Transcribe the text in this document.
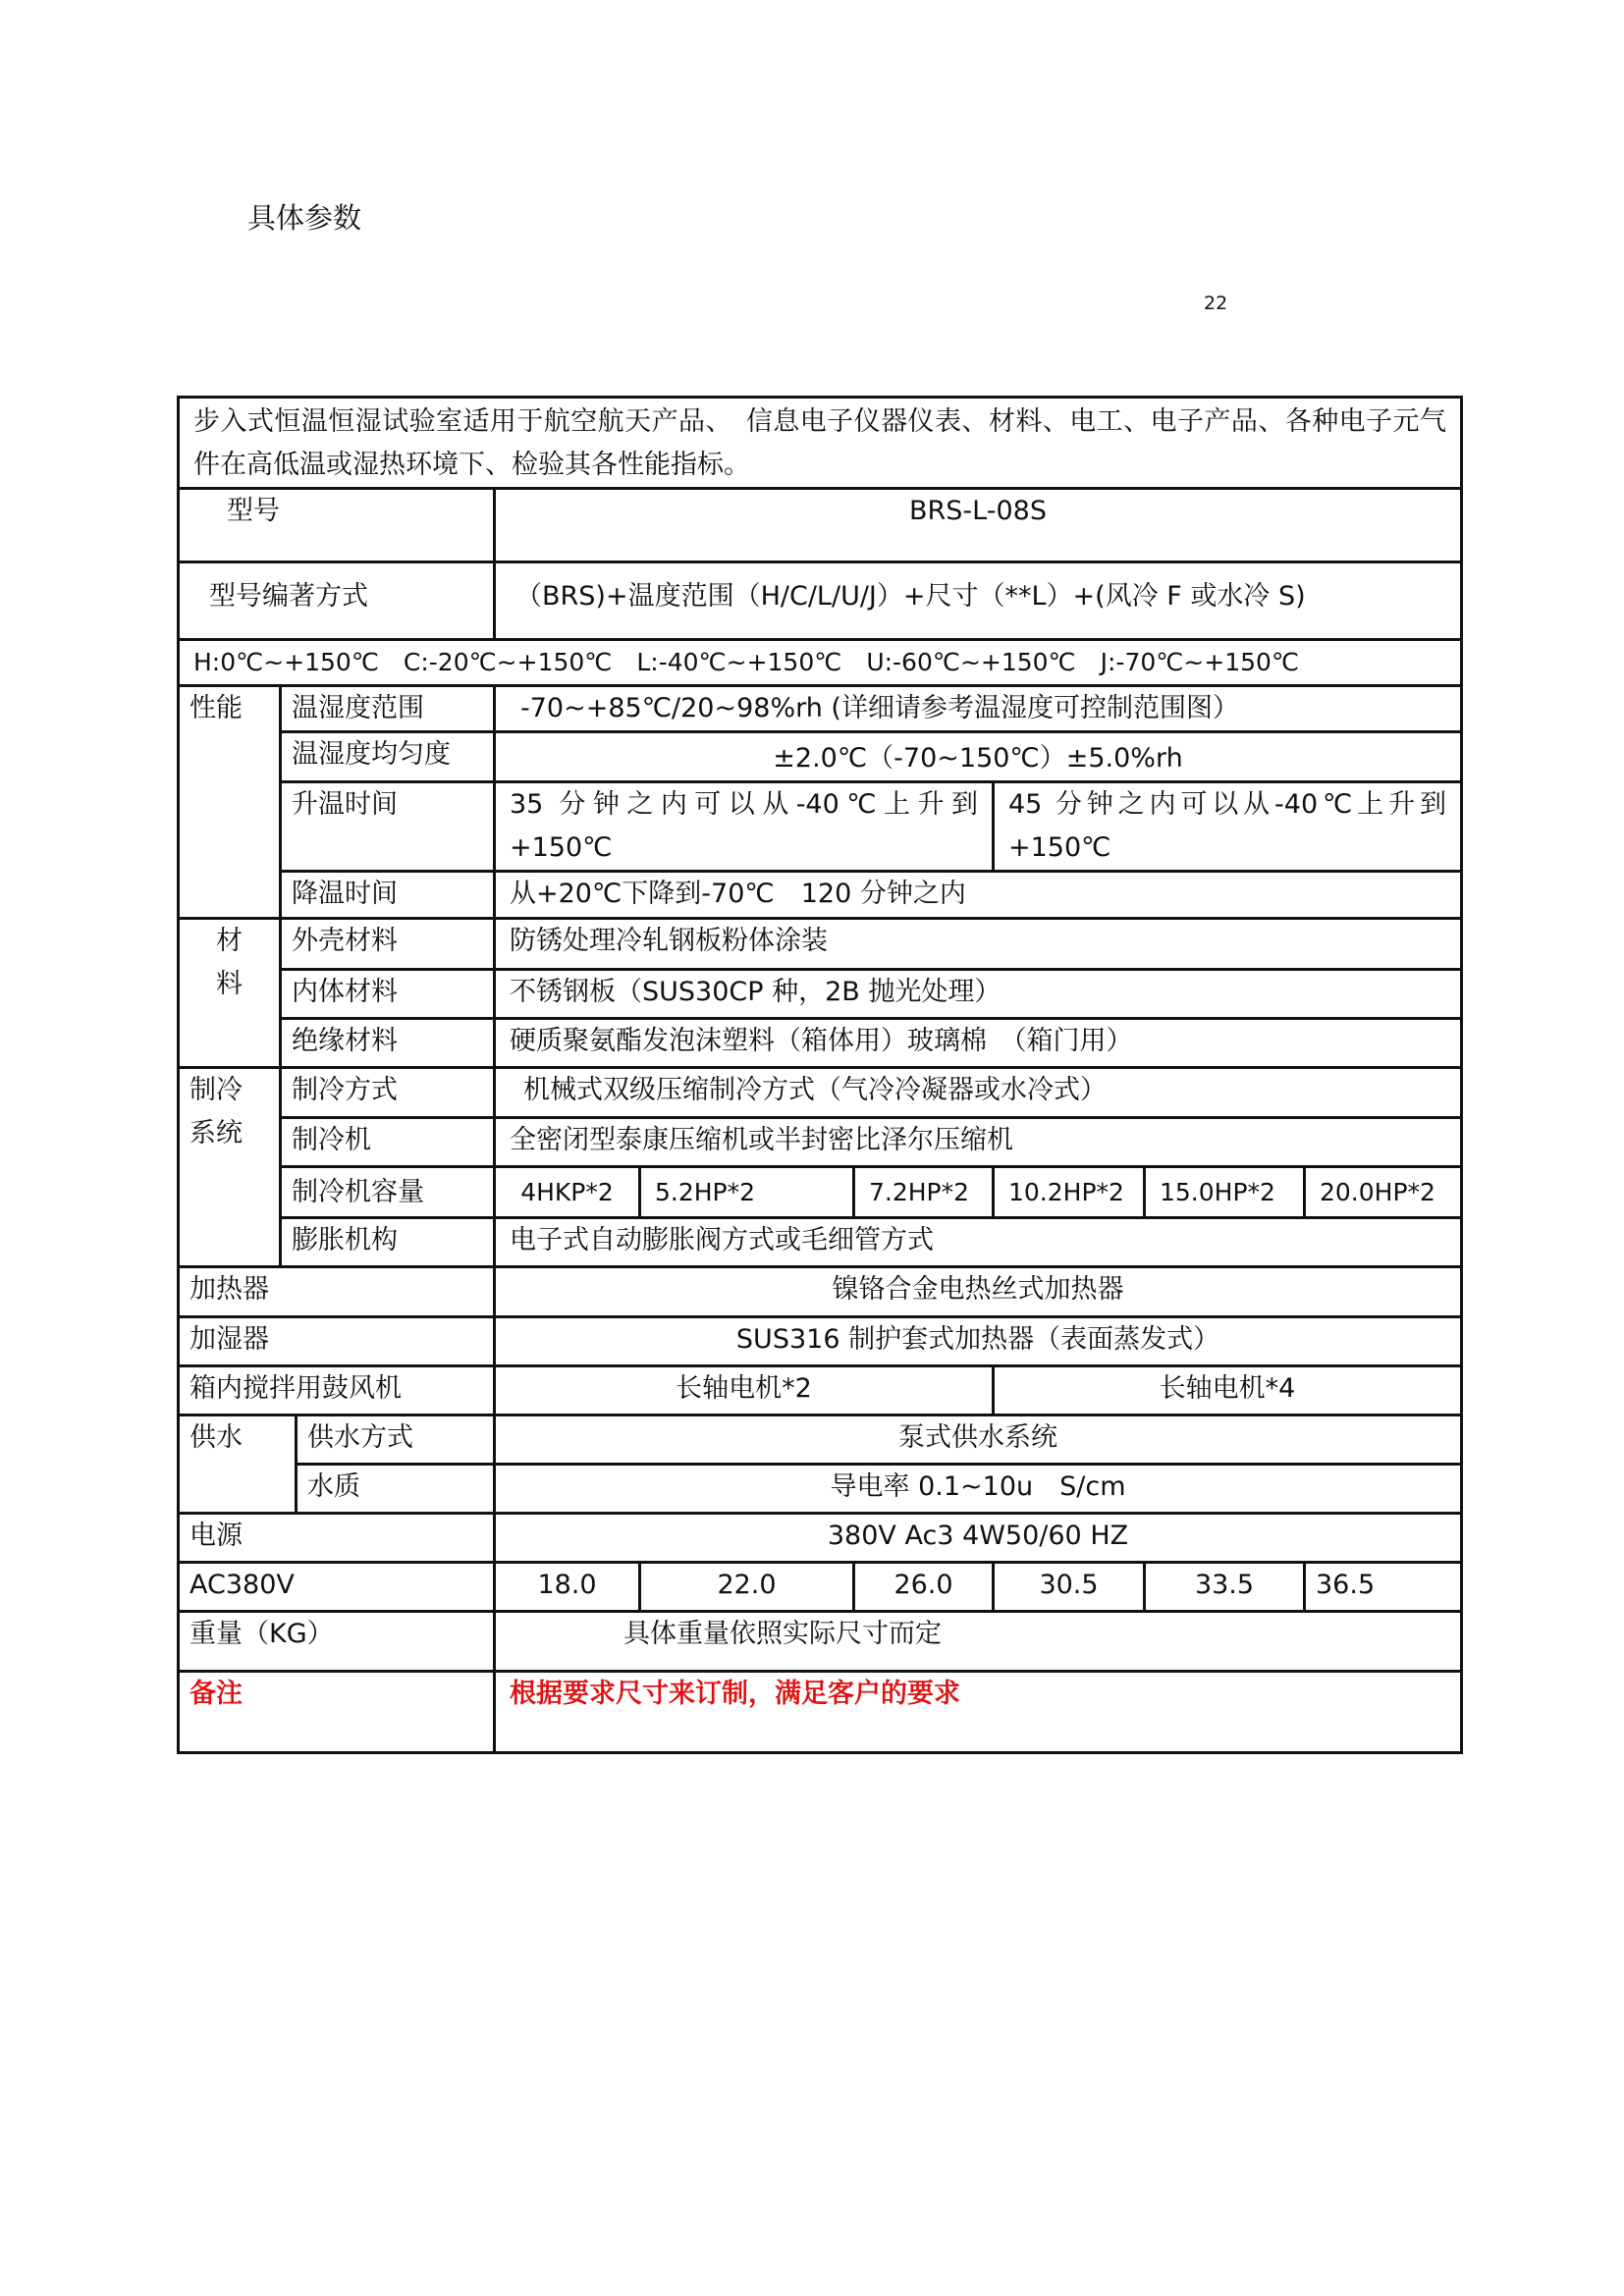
具体参数
22
步入式恒温恒湿试验室适用于航空航天产品、　信息电子仪器仪表、材料、电工、电子产品、各种电子元气件在高低温或湿热环境下、检验其各性能指标。								
型号			BRS-L-08S					
型号编著方式			（BRS)+温度范围（H/C/L/U/J）+尺寸（**L）+(风冷 F 或水冷 S)					
H:0℃~+150℃　C:-20℃~+150℃　L:-40℃~+150℃　U:-60℃~+150℃　J:-70℃~+150℃								
性能	温湿度范围		-70~+85℃/20~98%rh (详细请参考温湿度可控制范围图）					
	温湿度均匀度		±2.0℃（-70~150℃）±5.0%rh					
	升温时间		35 分钟之内可以从-40℃上升到+150℃			45 分钟之内可以从-40℃上升到+150℃		
	降温时间		从+20℃下降到-70℃　120 分钟之内					

材
料	外壳材料		防锈处理冷轧钢板粉体涂装					
	内体材料		不锈钢板（SUS30CP 种，2B 抛光处理）					
	绝缘材料		硬质聚氨酯发泡沫塑料（箱体用）玻璃棉　（箱门用）					

制冷
系统	制冷方式		机械式双级压缩制冷方式（气冷冷凝器或水冷式）					
	制冷机		全密闭型泰康压缩机或半封密比泽尔压缩机					
	制冷机容量		4HKP*2	5.2HP*2	7.2HP*2	10.2HP*2	15.0HP*2	20.0HP*2
	膨胀机构		电子式自动膨胀阀方式或毛细管方式					
加热器			镍铬合金电热丝式加热器					
加湿器			SUS316 制护套式加热器（表面蒸发式）					
箱内搅拌用鼓风机			长轴电机*2			长轴电机*4		
供水		供水方式	泵式供水系统					
		水质	导电率 0.1~10u　S/cm					
电源			380V Ac3 4W50/60 HZ					
AC380V			18.0	22.0	26.0	30.5	33.5	36.5
重量（KG）			具体重量依照实际尺寸而定					
备注			根据要求尺寸来订制，满足客户的要求					
